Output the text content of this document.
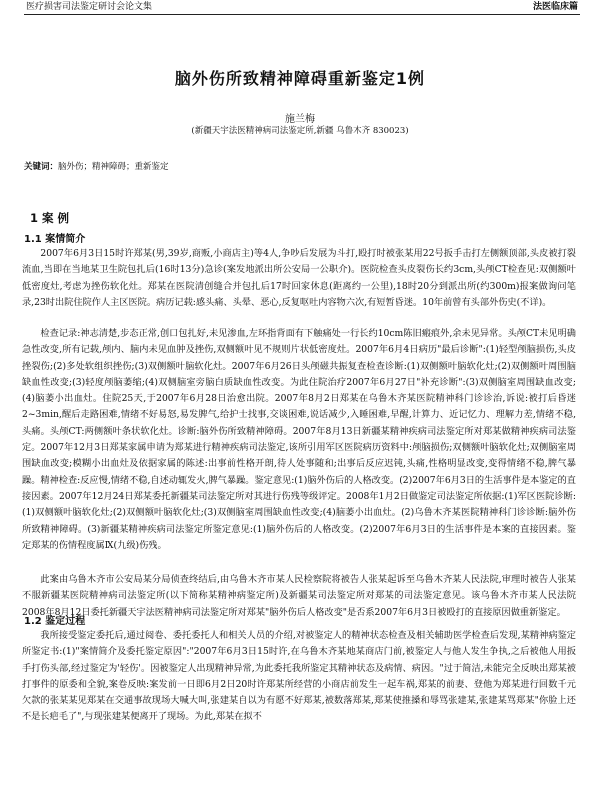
医疗损害司法鉴定研讨会论文集	法医临床篇
脑外伤所致精神障碍重新鉴定1例
施兰梅
(新疆天宇法医精神病司法鉴定所,新疆 乌鲁木齐 830023)
关键词：脑外伤；精神障碍；重新鉴定
1 案 例
1.1 案情简介

2007年6月3日15时许郑某(男,39岁,商贩,小商店主)等4人,争吵后发展为斗打,殴打时被张某用22号扳手击打左侧额顶部,头皮被打裂流血,当即在当地某卫生院包扎后(16时13分)急诊(案发地派出所公安局一公职介)。医院检查头皮裂伤长约3cm,头颅CT检查见:双侧额叶低密度灶,考虑为挫伤软化灶。郑某在医院清创缝合并包扎后17时回家休息(距离约一公里),18时20分到派出所(约300m)报案做询问笔录,23时出院住院作人主区医院。病历记载:感头痛、头晕、恶心,反复呕吐内容物六次,有短暂昏迷。10年前曾有头部外伤史(不详)。

检查记录:神志清楚,步态正常,创口包扎好,未见渗血,左环指背面有下触痛处一行长约10cm陈旧瘢痕外,余未见异常。头颅CT未见明确急性改变,所有记载,颅内、脑内未见血肿及挫伤,双侧额叶见不规则片状低密度灶。2007年6月4日病历"最后诊断":(1)轻型颅脑损伤,头皮挫裂伤;(2)多处软组织挫伤;(3)双侧额叶脑软化灶。2007年6月26日头颅磁共振复查检查诊断:(1)双侧额叶脑软化灶;(2)双侧额叶周围脑缺血性改变;(3)轻度颅脑萎缩;(4)双侧脑室旁脑白质缺血性改变。为此住院治疗2007年6月27日"补充诊断":(3)双侧脑室周围缺血改变;(4)脑萎小出血灶。住院25天,于2007年6月28日治愈出院。2007年8月2日郑某在乌鲁木齐某医院精神科门诊诊治,诉说:被打后昏迷2~3min,醒后走路困难,情绪不好易怒,易发脾气,给护士找事,交谈困难,说话减少,入睡困难,早醒,计算力、近记忆力、理解力差,情绪不稳,头痛。头颅CT:两侧额叶条状软化灶。诊断:脑外伤所致精神障碍。2007年8月13日新疆某精神疾病司法鉴定所对郑某做精神疾病司法鉴定。2007年12月3日郑某家属申请为郑某进行精神疾病司法鉴定,该所引用军区医院病历资料中:颅脑损伤;双侧额叶脑软化灶;双侧脑室周围缺血改变;模糊小出血灶及依据家属的陈述:出事前性格开朗,待人处事随和;出事后反应迟钝,头痛,性格明显改变,变得情绪不稳,脾气暴躁。精神检查:反应慢,情绪不稳,自述动辄发火,脾气暴躁。鉴定意见:(1)脑外伤后的人格改变。(2)2007年6月3日的生活事件是本鉴定的直接因素。2007年12月24日郑某委托新疆某司法鉴定所对其进行伤残等级评定。2008年1月2日做鉴定司法鉴定所依据:(1)军区医院诊断:(1)双侧额叶脑软化灶;(2)双侧额叶脑软化灶;(3)双侧脑室周围缺血性改变;(4)脑萎小出血灶。(2)乌鲁木齐某医院精神科门诊诊断:脑外伤所致精神障碍。(3)新疆某精神疾病司法鉴定所鉴定意见:(1)脑外伤后的人格改变。(2)2007年6月3日的生活事件是本案的直接因素。鉴定郑某的伤情程度属Ⅸ(九级)伤残。

此案由乌鲁木齐市公安局某分局侦查终结后,由乌鲁木齐市某人民检察院将被告人张某起诉至乌鲁木齐某人民法院,审理时被告人张某不服新疆某医院精神病司法鉴定所(以下简称某精神病鉴定所)及新疆某司法鉴定所对郑某的司法鉴定意见。该乌鲁木齐市某人民法院2008年8月12日委托新疆天宇法医精神病司法鉴定所对郑某"脑外伤后人格改变"是否系2007年6月3日被殴打的直接原因做重新鉴定。

1.2 鉴定过程

我所接受鉴定委托后,通过阅卷、委托委托人和相关人员的介绍,对被鉴定人的精神状态检查及相关辅助医学检查后发现,某精神病鉴定所鉴定书:(1)"案情简介及委托鉴定原因":"2007年6月3日15时许,在乌鲁木齐某地某商店门前,被鉴定人与他人发生争执,之后被他人用扳手打伤头部,经过鉴定为'轻伤'。因被鉴定人出现精神异常,为此委托我所鉴定其精神状态及病情、病因。"过于简洁,未能完全反映出郑某被打事件的原委和全貌,案卷反映:案发前一日即6月2日20时许郑某所经营的小商店前发生一起车祸,郑某的前妻、登他为郑某进行回数千元欠款的张某某见郑某在交通事故现场大喊大叫,张建某自以为有愿不好郑某,被数落郑某,郑某使推搡和辱骂张建某,张建某骂郑某"你脸上还不是长疤毛了",与现张建某便离开了现场。为此,郑某在拟不
